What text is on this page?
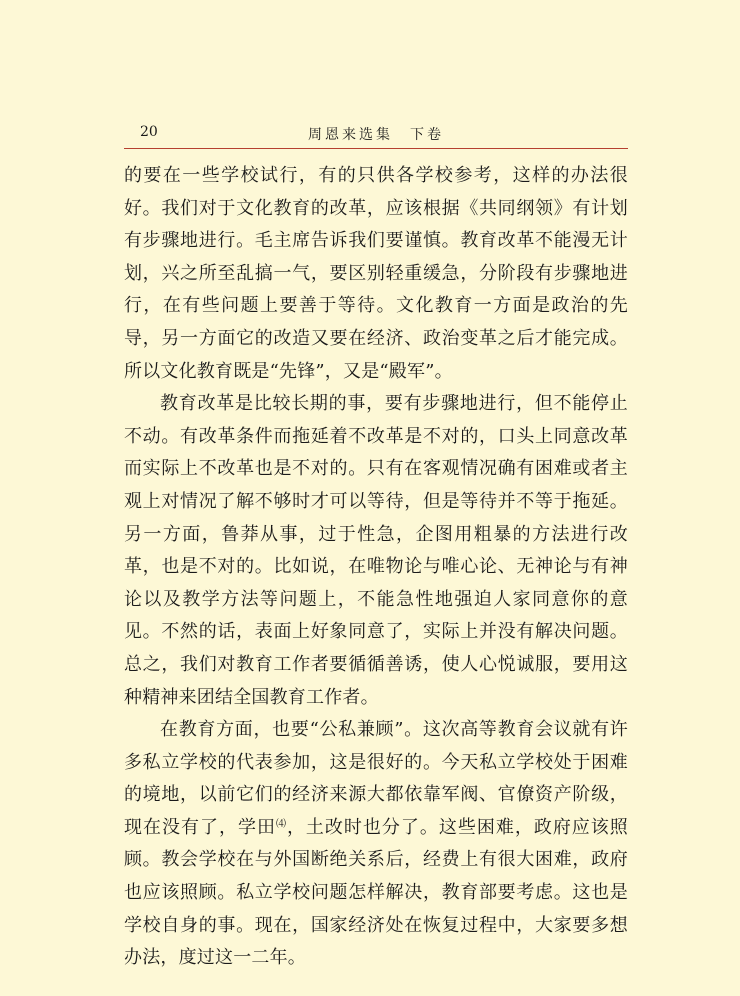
20	周恩来选集　下卷

的要在一些学校试行，有的只供各学校参考，这样的办法很好。我们对于文化教育的改革，应该根据《共同纲领》有计划有步骤地进行。毛主席告诉我们要谨慎。教育改革不能漫无计划，兴之所至乱搞一气，要区别轻重缓急，分阶段有步骤地进行，在有些问题上要善于等待。文化教育一方面是政治的先导，另一方面它的改造又要在经济、政治变革之后才能完成。所以文化教育既是“先锋”，又是“殿军”。

教育改革是比较长期的事，要有步骤地进行，但不能停止不动。有改革条件而拖延着不改革是不对的，口头上同意改革而实际上不改革也是不对的。只有在客观情况确有困难或者主观上对情况了解不够时才可以等待，但是等待并不等于拖延。另一方面，鲁莽从事，过于性急，企图用粗暴的方法进行改革，也是不对的。比如说，在唯物论与唯心论、无神论与有神论以及教学方法等问题上，不能急性地强迫人家同意你的意见。不然的话，表面上好象同意了，实际上并没有解决问题。总之，我们对教育工作者要循循善诱，使人心悦诚服，要用这种精神来团结全国教育工作者。

在教育方面，也要“公私兼顾”。这次高等教育会议就有许多私立学校的代表参加，这是很好的。今天私立学校处于困难的境地，以前它们的经济来源大都依靠军阀、官僚资产阶级，现在没有了，学田⑷，土改时也分了。这些困难，政府应该照顾。教会学校在与外国断绝关系后，经费上有很大困难，政府也应该照顾。私立学校问题怎样解决，教育部要考虑。这也是学校自身的事。现在，国家经济处在恢复过程中，大家要多想办法，度过这一二年。
